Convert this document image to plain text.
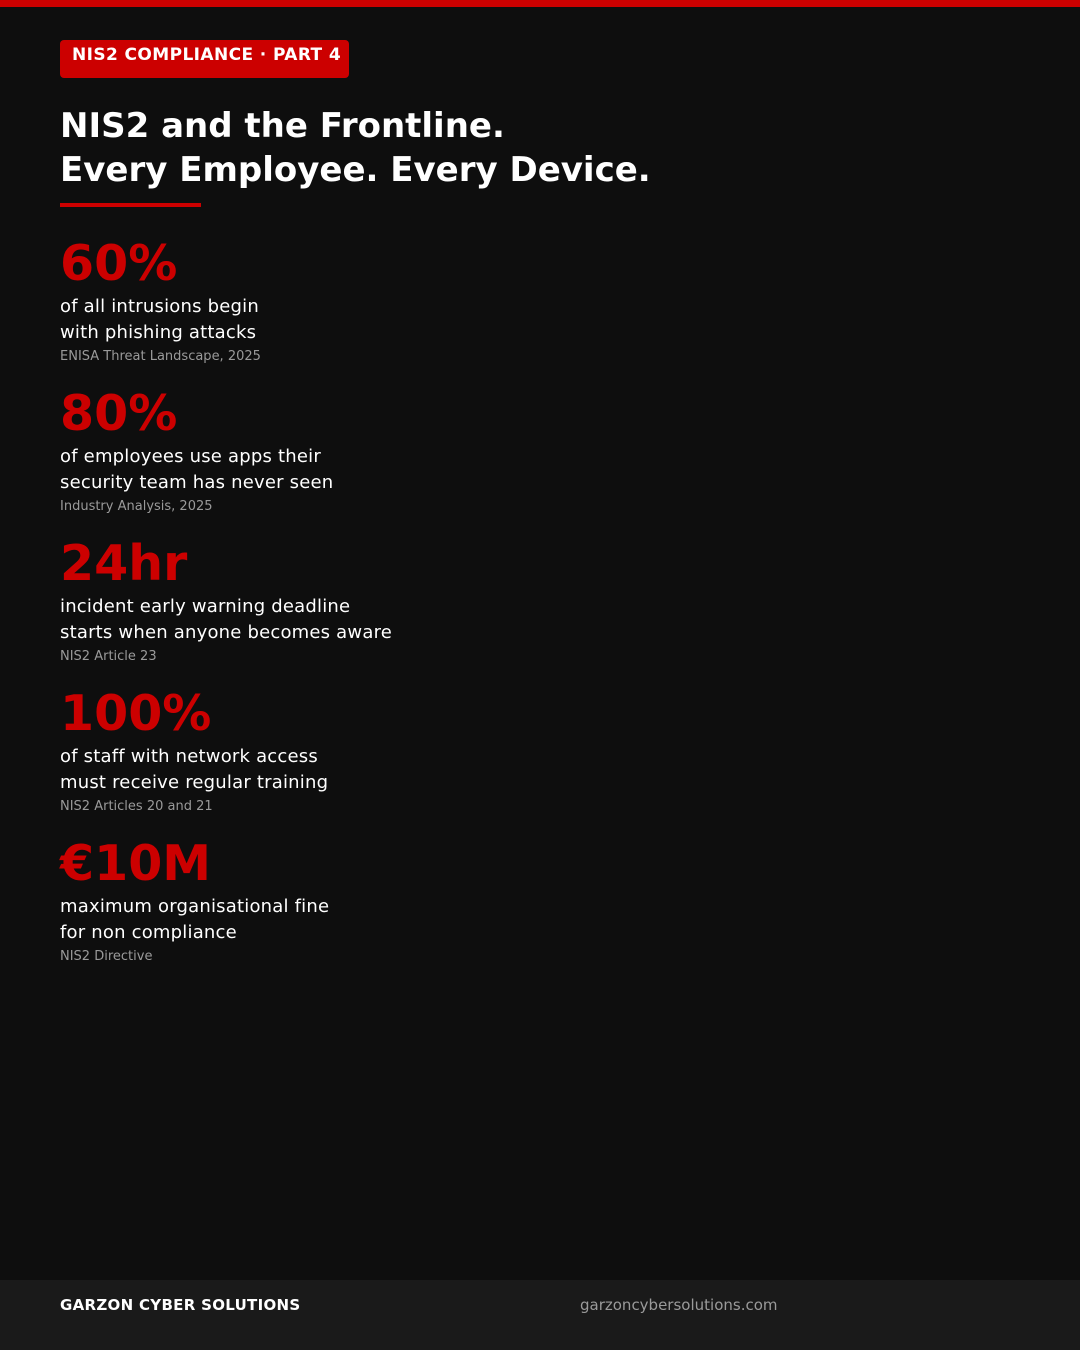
NIS2 COMPLIANCE · PART 4
NIS2 and the Frontline.
Every Employee. Every Device.
60%
of all intrusions begin
with phishing attacks
ENISA Threat Landscape, 2025
80%
of employees use apps their
security team has never seen
Industry Analysis, 2025
24hr
incident early warning deadline
starts when anyone becomes aware
NIS2 Article 23
100%
of staff with network access
must receive regular training
NIS2 Articles 20 and 21
€10M
maximum organisational fine
for non compliance
NIS2 Directive
GARZON CYBER SOLUTIONS	garzoncybersolutions.com
